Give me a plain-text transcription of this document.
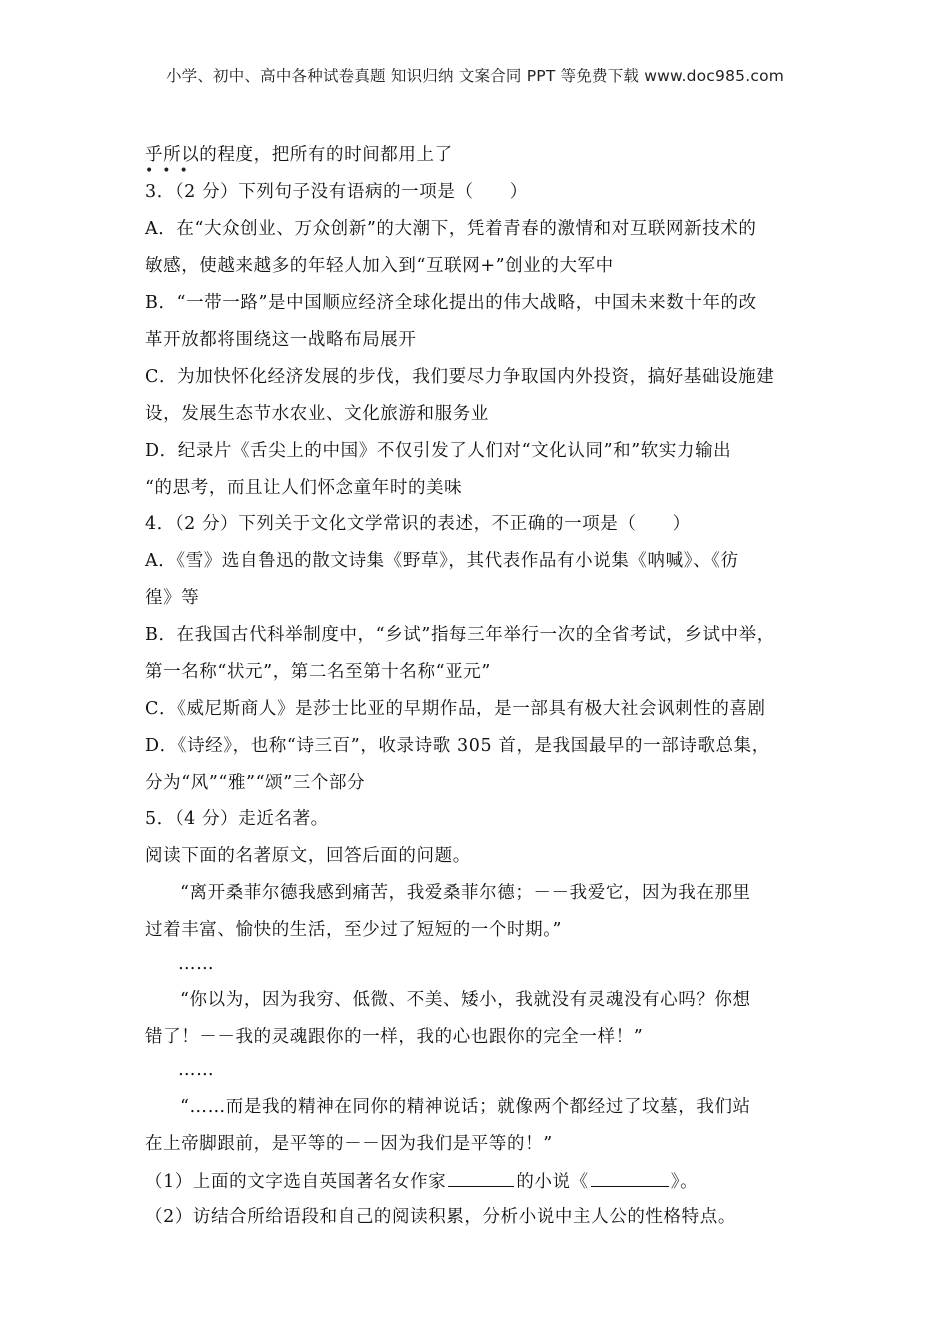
小学、初中、高中各种试卷真题 知识归纳 文案合同 PPT 等免费下载 www.doc985.com
乎所以的程度，把所有的时间都用上了
•••
3．（2 分）下列句子没有语病的一项是（　　）
A．在“大众创业、万众创新”的大潮下，凭着青春的激情和对互联网新技术的
敏感，使越来越多的年轻人加入到“互联网+”创业的大军中
B．“一带一路”是中国顺应经济全球化提出的伟大战略，中国未来数十年的改
革开放都将围绕这一战略布局展开
C．为加快怀化经济发展的步伐，我们要尽力争取国内外投资，搞好基础设施建
设，发展生态节水农业、文化旅游和服务业
D．纪录片《舌尖上的中国》不仅引发了人们对“文化认同”和”软实力输出
“的思考，而且让人们怀念童年时的美味
4．（2 分）下列关于文化文学常识的表述，不正确的一项是（　　）
A．《雪》选自鲁迅的散文诗集《野草》，其代表作品有小说集《呐喊》、《彷
徨》等
B．在我国古代科举制度中，“乡试”指每三年举行一次的全省考试，乡试中举，
第一名称“状元”，第二名至第十名称“亚元”
C．《威尼斯商人》是莎士比亚的早期作品，是一部具有极大社会讽刺性的喜剧
D．《诗经》，也称“诗三百”，收录诗歌 305 首，是我国最早的一部诗歌总集，
分为“风”“雅”“颂”三个部分
5．（4 分）走近名著。
阅读下面的名著原文，回答后面的问题。
“离开桑菲尔德我感到痛苦，我爱桑菲尔德；－－我爱它，因为我在那里
过着丰富、愉快的生活，至少过了短短的一个时期。”
……
“你以为，因为我穷、低微、不美、矮小，我就没有灵魂没有心吗？你想
错了！－－我的灵魂跟你的一样，我的心也跟你的完全一样！”
……
“……而是我的精神在同你的精神说话；就像两个都经过了坟墓，我们站
在上帝脚跟前，是平等的－－因为我们是平等的！”
（1）上面的文字选自英国著名女作家	的小说《	》。
（2）访结合所给语段和自己的阅读积累，分析小说中主人公的性格特点。
